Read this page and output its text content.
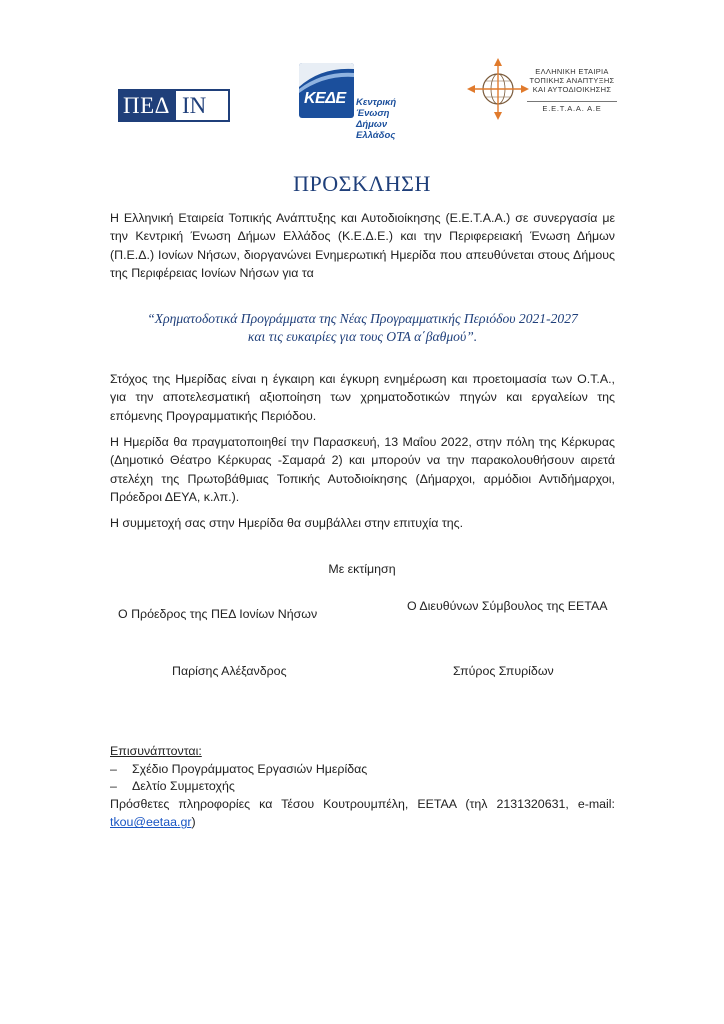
ΠΕΔ ΙΝ	ΚΕΔΕ Κεντρική Ένωση
Δήμων Ελλάδος
ΕΛΛΗΝΙΚΗ ΕΤΑΙΡΙΑ
ΤΟΠΙΚΗΣ ΑΝΑΠΤΥΞΗΣ
ΚΑΙ ΑΥΤΟΔΙΟΙΚΗΣΗΣ
Ε.Ε.Τ.Α.Α. Α.Ε
ΠΡΟΣΚΛΗΣΗ
Η Ελληνική Εταιρεία Τοπικής Ανάπτυξης και Αυτοδιοίκησης (Ε.Ε.Τ.Α.Α.) σε συνεργασία με την Κεντρική Ένωση Δήμων Ελλάδος (Κ.Ε.Δ.Ε.) και την Περιφερειακή Ένωση Δήμων (Π.Ε.Δ.) Ιονίων Νήσων, διοργανώνει Ενημερωτική Ημερίδα που απευθύνεται στους Δήμους της Περιφέρειας Ιονίων Νήσων για τα
“Χρηματοδοτικά Προγράμματα της Νέας Προγραμματικής Περιόδου 2021-2027
και τις ευκαιρίες για τους ΟΤΑ α΄βαθμού”.
Στόχος της Ημερίδας είναι η έγκαιρη και έγκυρη ενημέρωση και προετοιμασία των Ο.Τ.Α., για την αποτελεσματική αξιοποίηση των χρηματοδοτικών πηγών και εργαλείων της επόμενης Προγραμματικής Περιόδου.
Η Ημερίδα θα πραγματοποιηθεί την Παρασκευή, 13 Μαΐου 2022, στην πόλη της Κέρκυρας (Δημοτικό Θέατρο Κέρκυρας -Σαμαρά 2) και μπορούν να την παρακολουθήσουν αιρετά στελέχη της Πρωτοβάθμιας Τοπικής Αυτοδιοίκησης (Δήμαρχοι, αρμόδιοι Αντιδήμαρχοι, Πρόεδροι ΔΕΥΑ, κ.λπ.).
Η συμμετοχή σας στην Ημερίδα θα συμβάλλει στην επιτυχία της.
Με εκτίμηση
Ο Πρόεδρος της ΠΕΔ Ιονίων Νήσων
Ο Διευθύνων Σύμβουλος της ΕΕΤΑΑ
Παρίσης Αλέξανδρος	Σπύρος Σπυρίδων
Επισυνάπτονται:
–	Σχέδιο Προγράμματος Εργασιών Ημερίδας
–	Δελτίο Συμμετοχής
Πρόσθετες πληροφορίες κα Τέσου Κουτρουμπέλη, ΕΕΤΑΑ (τηλ 2131320631, e-mail: tkou@eetaa.gr)
